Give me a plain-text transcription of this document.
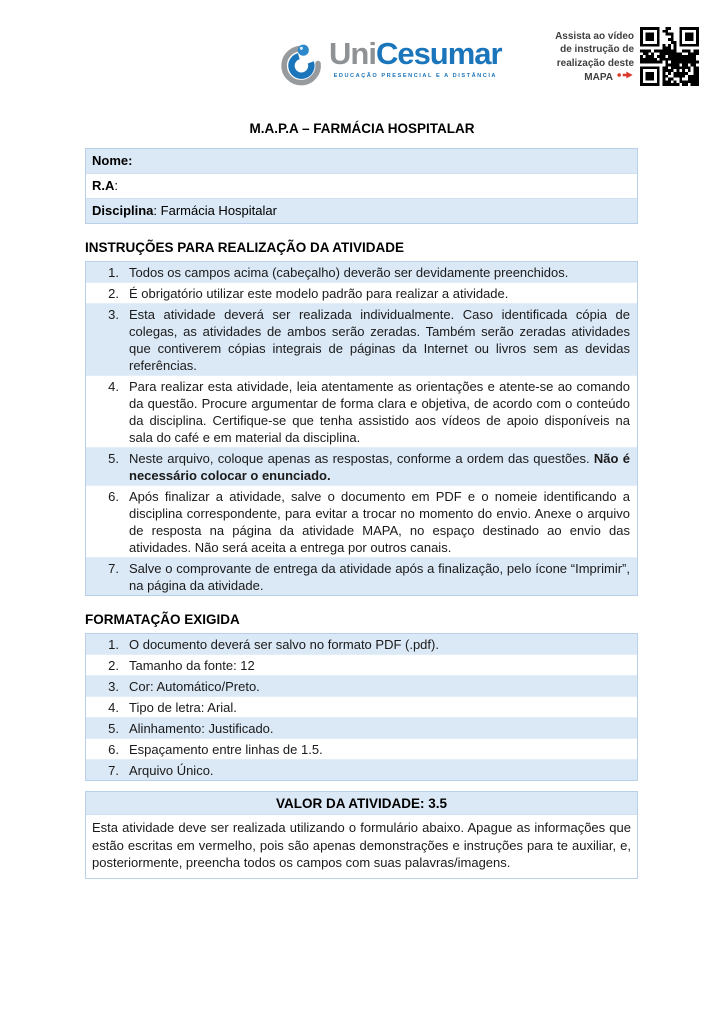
UniCesumar
EDUCAÇÃO PRESENCIAL E A DISTÂNCIA
Assista ao vídeo
de instrução de
realização deste
MAPA
M.A.P.A – FARMÁCIA HOSPITALAR
Nome:
R.A:
Disciplina: Farmácia Hospitalar
INSTRUÇÕES PARA REALIZAÇÃO DA ATIVIDADE
1. Todos os campos acima (cabeçalho) deverão ser devidamente preenchidos.
2. É obrigatório utilizar este modelo padrão para realizar a atividade.
3. Esta atividade deverá ser realizada individualmente. Caso identificada cópia de colegas, as atividades de ambos serão zeradas. Também serão zeradas atividades que contiverem cópias integrais de páginas da Internet ou livros sem as devidas referências.
4. Para realizar esta atividade, leia atentamente as orientações e atente-se ao comando da questão. Procure argumentar de forma clara e objetiva, de acordo com o conteúdo da disciplina. Certifique-se que tenha assistido aos vídeos de apoio disponíveis na sala do café e em material da disciplina.
5. Neste arquivo, coloque apenas as respostas, conforme a ordem das questões. Não é necessário colocar o enunciado.
6. Após finalizar a atividade, salve o documento em PDF e o nomeie identificando a disciplina correspondente, para evitar a trocar no momento do envio. Anexe o arquivo de resposta na página da atividade MAPA, no espaço destinado ao envio das atividades. Não será aceita a entrega por outros canais.
7. Salve o comprovante de entrega da atividade após a finalização, pelo ícone “Imprimir”, na página da atividade.
FORMATAÇÃO EXIGIDA
1. O documento deverá ser salvo no formato PDF (.pdf).
2. Tamanho da fonte: 12
3. Cor: Automático/Preto.
4. Tipo de letra: Arial.
5. Alinhamento: Justificado.
6. Espaçamento entre linhas de 1.5.
7. Arquivo Único.
VALOR DA ATIVIDADE: 3.5
Esta atividade deve ser realizada utilizando o formulário abaixo. Apague as informações que estão escritas em vermelho, pois são apenas demonstrações e instruções para te auxiliar, e, posteriormente, preencha todos os campos com suas palavras/imagens.
